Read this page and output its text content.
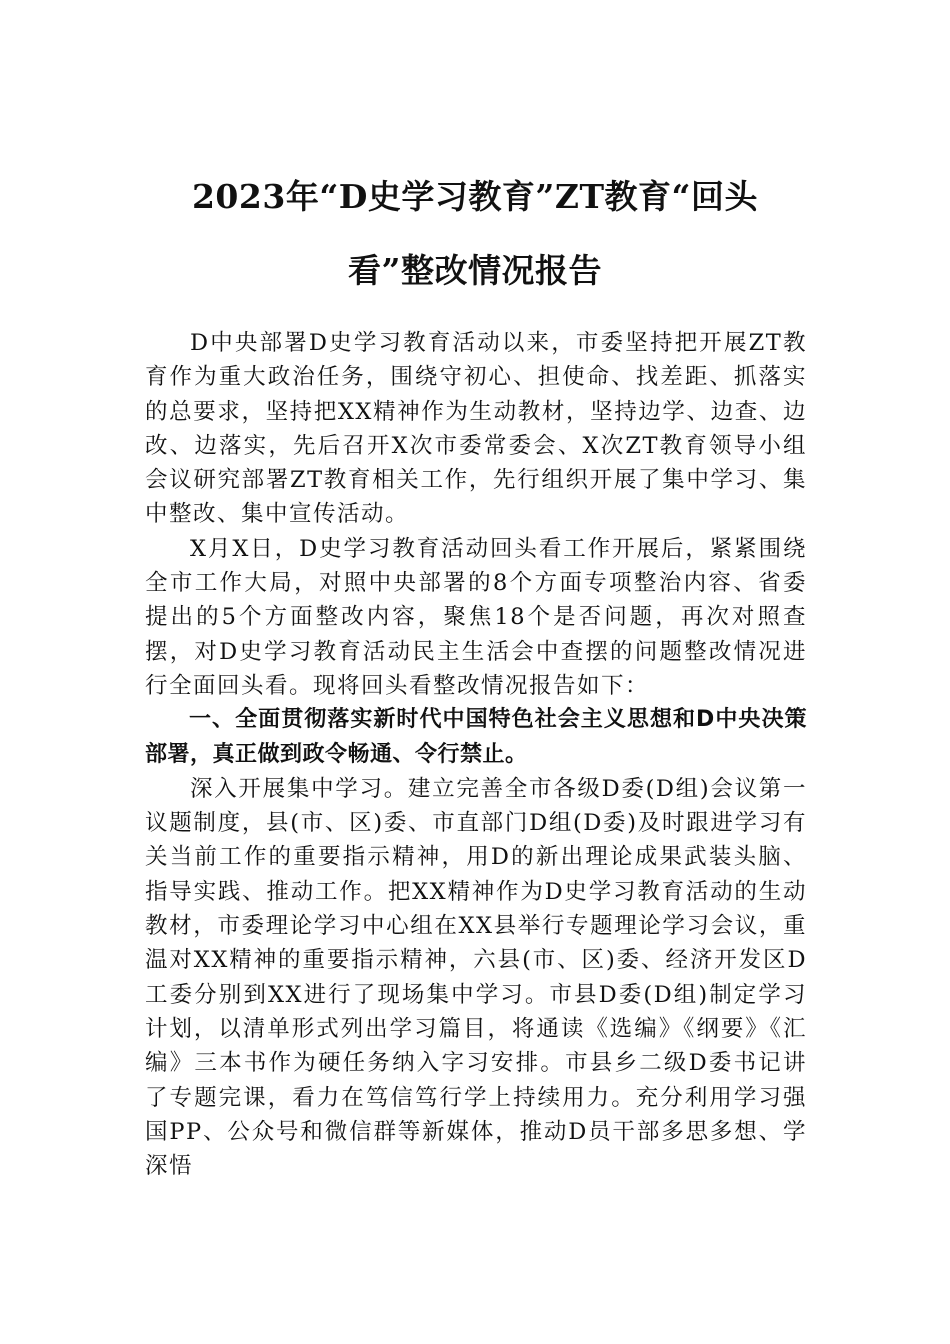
2023年“D史学习教育”ZT教育“回头
看”整改情况报告

D中央部署D史学习教育活动以来，市委坚持把开展ZT教育作为重大政治任务，围绕守初心、担使命、找差距、抓落实的总要求，坚持把XX精神作为生动教材，坚持边学、边查、边改、边落实，先后召开X次市委常委会、X次ZT教育领导小组会议研究部署ZT教育相关工作，先行组织开展了集中学习、集中整改、集中宣传活动。

X月X日，D史学习教育活动回头看工作开展后，紧紧围绕全市工作大局，对照中央部署的8个方面专项整治内容、省委提出的5个方面整改内容，聚焦18个是否问题，再次对照查摆，对D史学习教育活动民主生活会中查摆的问题整改情况进行全面回头看。现将回头看整改情况报告如下：

一、全面贯彻落实新时代中国特色社会主义思想和D中央决策部署，真正做到政令畅通、令行禁止。

深入开展集中学习。建立完善全市各级D委(D组)会议第一议题制度，县(市、区)委、市直部门D组(D委)及时跟进学习有关当前工作的重要指示精神，用D的新出理论成果武装头脑、指导实践、推动工作。把XX精神作为D史学习教育活动的生动教材，市委理论学习中心组在XX县举行专题理论学习会议，重温对XX精神的重要指示精神，六县(市、区)委、经济开发区D工委分别到XX进行了现场集中学习。市县D委(D组)制定学习计划，以清单形式列出学习篇目，将通读《选编》《纲要》《汇编》三本书作为硬任务纳入字习安排。市县乡二级D委书记讲了专题完课，看力在笃信笃行学上持续用力。充分利用学习强国PP、公众号和微信群等新媒体，推动D员干部多思多想、学深悟
